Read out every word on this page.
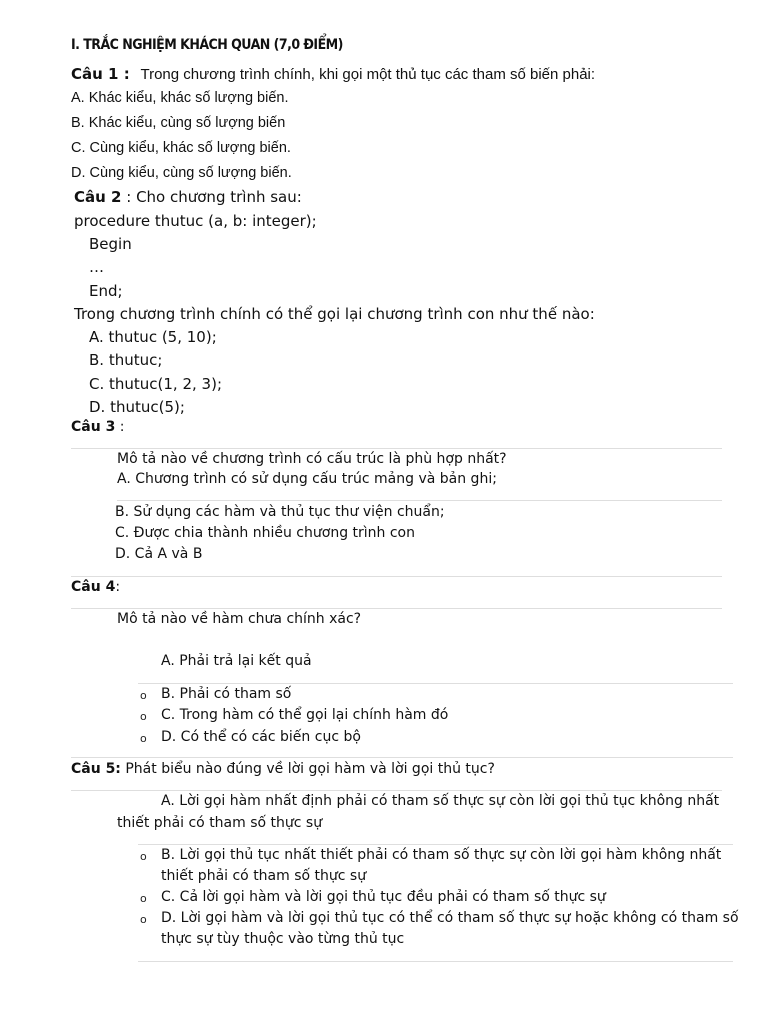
I. TRẮC NGHIỆM KHÁCH QUAN (7,0 ĐIỂM)
Câu 1 : Trong chương trình chính, khi gọi một thủ tục các tham số biến phải:
A. Khác kiểu, khác số lượng biến.
B. Khác kiểu, cùng số lượng biến
C. Cùng kiểu, khác số lượng biến.
D. Cùng kiểu, cùng số lượng biến.
Câu 2 : Cho chương trình sau:
procedure thutuc (a, b: integer);
Begin
…
End;
Trong chương trình chính có thể gọi lại chương trình con như thế nào:
A. thutuc (5, 10);
B. thutuc;
C. thutuc(1, 2, 3);
D. thutuc(5);
Câu 3 :
Mô tả nào về chương trình có cấu trúc là phù hợp nhất?
A. Chương trình có sử dụng cấu trúc mảng và bản ghi;
B. Sử dụng các hàm và thủ tục thư viện chuẩn;
C. Được chia thành nhiều chương trình con
D. Cả A và B
Câu 4:
Mô tả nào về hàm chưa chính xác?
A. Phải trả lại kết quả
o B. Phải có tham số
o C. Trong hàm có thể gọi lại chính hàm đó
o D. Có thể có các biến cục bộ
Câu 5: Phát biểu nào đúng về lời gọi hàm và lời gọi thủ tục?
A. Lời gọi hàm nhất định phải có tham số thực sự còn lời gọi thủ tục không nhất
thiết phải có tham số thực sự
o B. Lời gọi thủ tục nhất thiết phải có tham số thực sự còn lời gọi hàm không nhất
thiết phải có tham số thực sự
o C. Cả lời gọi hàm và lời gọi thủ tục đều phải có tham số thực sự
o D. Lời gọi hàm và lời gọi thủ tục có thể có tham số thực sự hoặc không có tham số
thực sự tùy thuộc vào từng thủ tục
